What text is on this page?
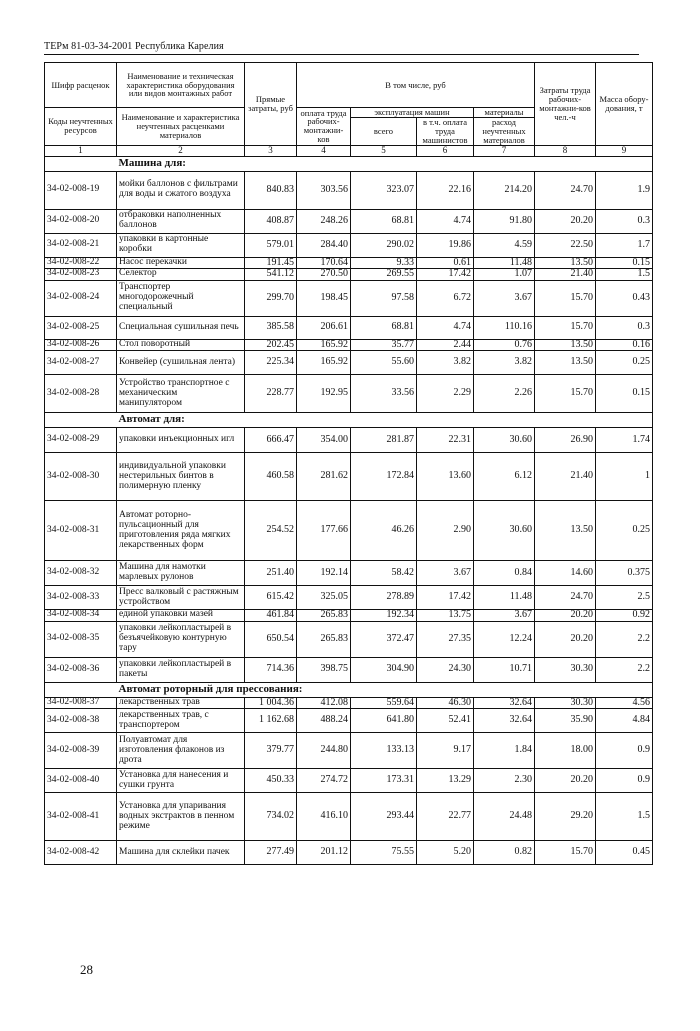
ТЕРм 81-03-34-2001 Республика Карелия
Шифр расценок	Наименование и техническая характеристика оборудования или видов монтажных работ	Прямые затраты, руб	В том числе, руб				Затраты труда рабочих-монтажни-ков чел.-ч	Масса обору-дования, т
Коды неучтенных ресурсов	Наименование и характеристика неучтенных расценками материалов		оплата труда рабочих-монтажни-ков	эксплуатация машин		материалы		
				всего	в т.ч. оплата труда машинистов	расход неучтенных материалов		

1	2	3	4	5	6	7	8	9
	Машина для:							
34-02-008-19	мойки баллонов с фильтрами для воды и сжатого воздуха	840.83	303.56	323.07	22.16	214.20	24.70	1.9
34-02-008-20	отбраковки наполненных баллонов	408.87	248.26	68.81	4.74	91.80	20.20	0.3
34-02-008-21	упаковки в картонные коробки	579.01	284.40	290.02	19.86	4.59	22.50	1.7
34-02-008-22	Насос перекачки	191.45	170.64	9.33	0.61	11.48	13.50	0.15
34-02-008-23	Селектор	541.12	270.50	269.55	17.42	1.07	21.40	1.5
34-02-008-24	Транспортер многодорожечный специальный	299.70	198.45	97.58	6.72	3.67	15.70	0.43
34-02-008-25	Специальная сушильная печь	385.58	206.61	68.81	4.74	110.16	15.70	0.3
34-02-008-26	Стол поворотный	202.45	165.92	35.77	2.44	0.76	13.50	0.16
34-02-008-27	Конвейер (сушильная лента)	225.34	165.92	55.60	3.82	3.82	13.50	0.25
34-02-008-28	Устройство транспортное с механическим манипулятором	228.77	192.95	33.56	2.29	2.26	15.70	0.15
	Автомат для:							
34-02-008-29	упаковки инъекционных игл	666.47	354.00	281.87	22.31	30.60	26.90	1.74
34-02-008-30	индивидуальной упаковки нестерильных бинтов в полимерную пленку	460.58	281.62	172.84	13.60	6.12	21.40	1
34-02-008-31	Автомат роторно-пульсационный для приготовления ряда мягких лекарственных форм	254.52	177.66	46.26	2.90	30.60	13.50	0.25
34-02-008-32	Машина для намотки марлевых рулонов	251.40	192.14	58.42	3.67	0.84	14.60	0.375
34-02-008-33	Пресс валковый с растяжным устройством	615.42	325.05	278.89	17.42	11.48	24.70	2.5
34-02-008-34	единой упаковки мазей	461.84	265.83	192.34	13.75	3.67	20.20	0.92
34-02-008-35	упаковки лейкопластырей в безъячейковую контурную тару	650.54	265.83	372.47	27.35	12.24	20.20	2.2
34-02-008-36	упаковки лейкопластырей в пакеты	714.36	398.75	304.90	24.30	10.71	30.30	2.2
	Автомат роторный для прессования:							
34-02-008-37	лекарственных трав	1 004.36	412.08	559.64	46.30	32.64	30.30	4.56
34-02-008-38	лекарственных трав, с транспортером	1 162.68	488.24	641.80	52.41	32.64	35.90	4.84
34-02-008-39	Полуавтомат для изготовления флаконов из дрота	379.77	244.80	133.13	9.17	1.84	18.00	0.9
34-02-008-40	Установка для нанесения и сушки грунта	450.33	274.72	173.31	13.29	2.30	20.20	0.9
34-02-008-41	Установка для упаривания водных экстрактов в пенном режиме	734.02	416.10	293.44	22.77	24.48	29.20	1.5
34-02-008-42	Машина для склейки пачек	277.49	201.12	75.55	5.20	0.82	15.70	0.45
28
